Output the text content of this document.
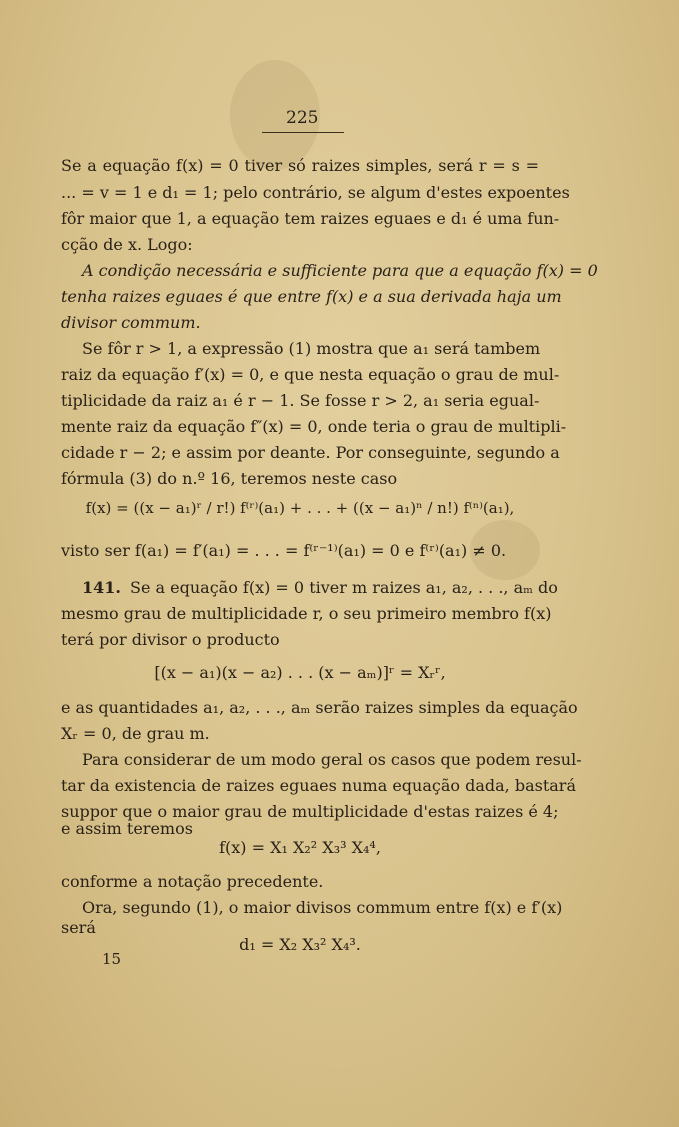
225
Se a equação f(x) = 0 tiver só raizes simples, será r = s =
... = v = 1 e d₁ = 1; pelo contrário, se algum d'estes expoentes
fôr maior que 1, a equação tem raizes eguaes e d₁ é uma fun-
cção de x. Logo:
A condição necessária e sufficiente para que a equação f(x) = 0
tenha raizes eguaes é que entre f(x) e a sua derivada haja um
divisor commum.
Se fôr r > 1, a expressão (1) mostra que a₁ será tambem
raiz da equação f′(x) = 0, e que nesta equação o grau de mul-
tiplicidade da raiz a₁ é r − 1. Se fosse r > 2, a₁ seria egual-
mente raiz da equação f″(x) = 0, onde teria o grau de multipli-
cidade r − 2; e assim por deante. Por conseguinte, segundo a
fórmula (3) do n.º 16, teremos neste caso
f(x) = ((x − a₁)ʳ / r!) f⁽ʳ⁾(a₁) + . . . + ((x − a₁)ⁿ / n!) f⁽ⁿ⁾(a₁),
visto ser f(a₁) = f′(a₁) = . . . = f⁽ʳ⁻¹⁾(a₁) = 0 e f⁽ʳ⁾(a₁) ≠ 0.
141. Se a equação f(x) = 0 tiver m raizes a₁, a₂, . . ., aₘ do
mesmo grau de multiplicidade r, o seu primeiro membro f(x)
terá por divisor o producto
[(x − a₁)(x − a₂) . . . (x − aₘ)]ʳ = Xᵣʳ,
e as quantidades a₁, a₂, . . ., aₘ serão raizes simples da equação
Xᵣ = 0, de grau m.
Para considerar de um modo geral os casos que podem resul-
tar da existencia de raizes eguaes numa equação dada, bastará
suppor que o maior grau de multiplicidade d'estas raizes é 4;
e assim teremos
f(x) = X₁ X₂² X₃³ X₄⁴,
conforme a notação precedente.
Ora, segundo (1), o maior divisos commum entre f(x) e f′(x)
será
d₁ = X₂ X₃² X₄³.
15
